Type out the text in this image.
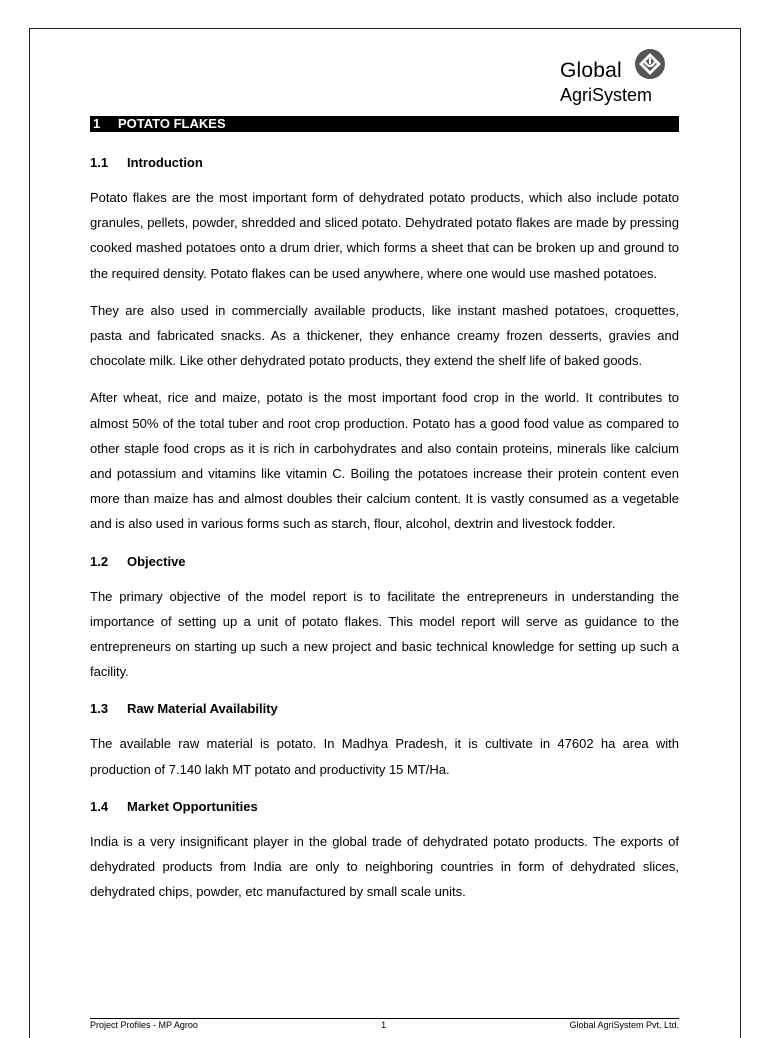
Global
AgriSystem
1 POTATO FLAKES
1.1 Introduction

Potato flakes are the most important form of dehydrated potato products, which also include potato granules, pellets, powder, shredded and sliced potato. Dehydrated potato flakes are made by pressing cooked mashed potatoes onto a drum drier, which forms a sheet that can be broken up and ground to the required density. Potato flakes can be used anywhere, where one would use mashed potatoes.

They are also used in commercially available products, like instant mashed potatoes, croquettes, pasta and fabricated snacks. As a thickener, they enhance creamy frozen desserts, gravies and chocolate milk. Like other dehydrated potato products, they extend the shelf life of baked goods.

After wheat, rice and maize, potato is the most important food crop in the world. It contributes to almost 50% of the total tuber and root crop production. Potato has a good food value as compared to other staple food crops as it is rich in carbohydrates and also contain proteins, minerals like calcium and potassium and vitamins like vitamin C. Boiling the potatoes increase their protein content even more than maize has and almost doubles their calcium content. It is vastly consumed as a vegetable and is also used in various forms such as starch, flour, alcohol, dextrin and livestock fodder.

1.2 Objective

The primary objective of the model report is to facilitate the entrepreneurs in understanding the importance of setting up a unit of potato flakes. This model report will serve as guidance to the entrepreneurs on starting up such a new project and basic technical knowledge for setting up such a facility.

1.3 Raw Material Availability

The available raw material is potato. In Madhya Pradesh, it is cultivate in 47602 ha area with production of 7.140 lakh MT potato and productivity 15 MT/Ha.

1.4 Market Opportunities

India is a very insignificant player in the global trade of dehydrated potato products. The exports of dehydrated products from India are only to neighboring countries in form of dehydrated slices, dehydrated chips, powder, etc manufactured by small scale units.

Project Profiles - MP Agroo	1	Global AgriSystem Pvt. Ltd.
